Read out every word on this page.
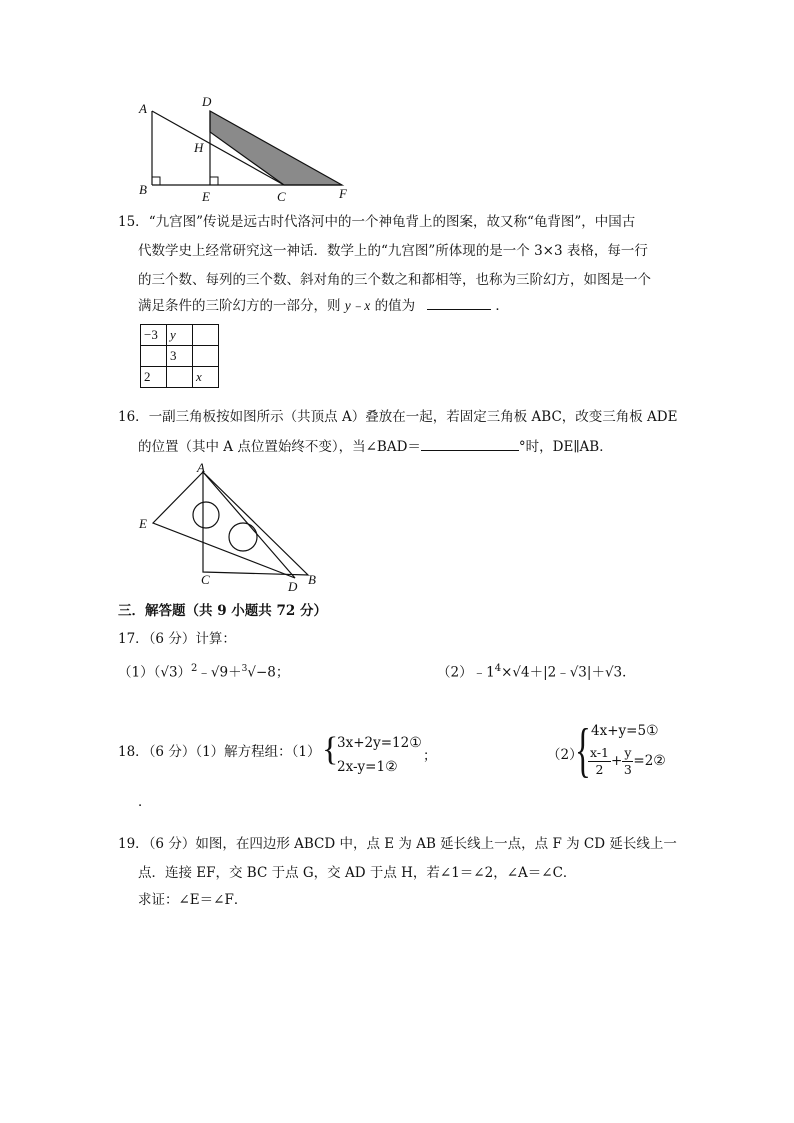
A	D
H
B	E	C	F
15．“九宫图”传说是远古时代洛河中的一个神龟背上的图案，故又称“龟背图”，中国古
代数学史上经常研究这一神话．数学上的“九宫图”所体现的是一个 3×3 表格，每一行
的三个数、每列的三个数、斜对角的三个数之和都相等，也称为三阶幻方，如图是一个
满足条件的三阶幻方的一部分，则 y﹣x 的值为	．
−3	y	
	3	
2		x
16．一副三角板按如图所示（共顶点 A）叠放在一起，若固定三角板 ABC，改变三角板 ADE
的位置（其中 A 点位置始终不变），当∠BAD＝	°时，DE∥AB．
A
E
C	D B
三．解答题（共 9 小题共 72 分）
17．（6 分）计算：
$(1)(√3)^2﹣√9+^3√-8$；	$(2)﹣1^4\times√4+|2﹣√3|+√3$．
18．（6 分）（1）解方程组：（1） {
3x+2y=12①
2x-y=1②
；	（2）
{ 4x+y=5①
$\frac{x-1}{2} + \frac{y}{3}$ =2②
．
19．（6 分）如图，在四边形 ABCD 中，点 E 为 AB 延长线上一点，点 F 为 CD 延长线上一
点．连接 EF，交 BC 于点 G，交 AD 于点 H，若∠1＝∠2，∠A＝∠C．
求证：∠E＝∠F．
